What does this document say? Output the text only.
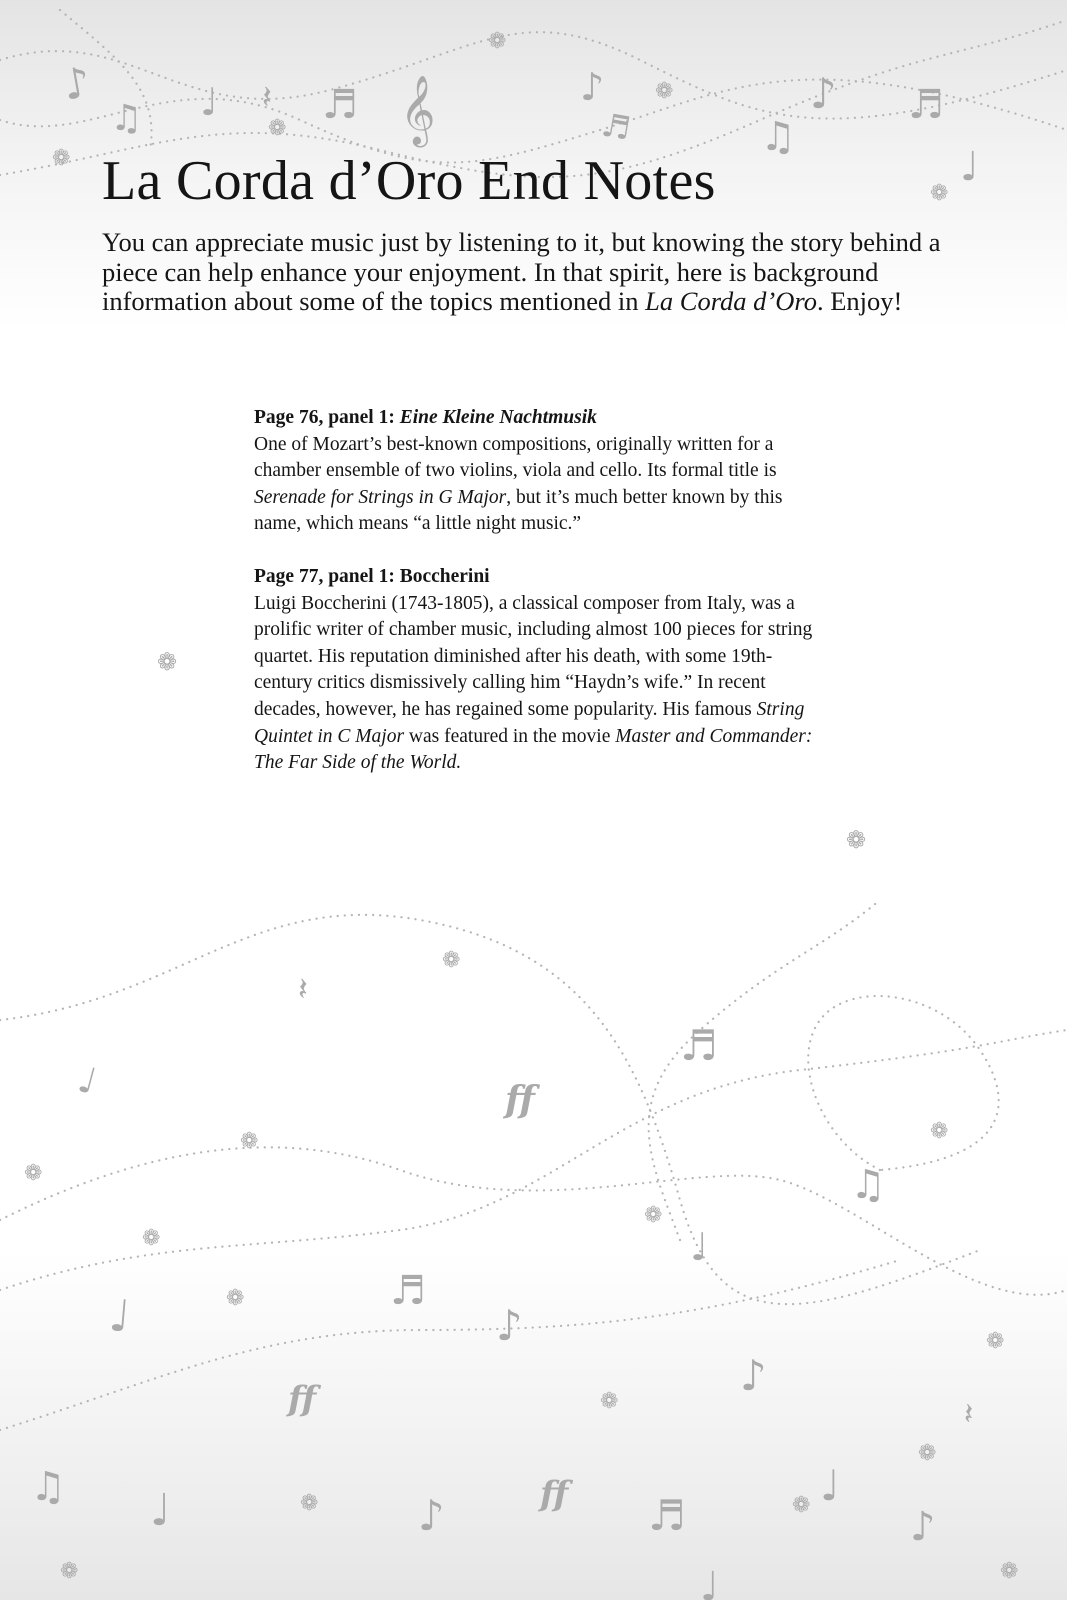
♪
♫ ♩ 𝄽 ♬ 𝄞	♪
♬	♫
♪ ♬
♩
❁
❁
❁
❁
❁
❁
❁
❁
❁
❁
❁
❁
❁
❁
❁
❁
❁
❁	❁
❁	❁
𝄽
♩
♬
♫
♩
♬
♪
♩
♪
𝄽
♫ ♩	♪	♬
♩
♩
♪
ff
ff
ff
La Corda d’Oro End Notes

You can appreciate music just by listening to it, but knowing the story behind a piece can help enhance your enjoyment. In that spirit, here is background information about some of the topics mentioned in La Corda d’Oro. Enjoy!

Page 76, panel 1: Eine Kleine Nachtmusik

One of Mozart’s best-known compositions, originally written for a chamber ensemble of two violins, viola and cello. Its formal title is Serenade for Strings in G Major, but it’s much better known by this name, which means “a little night music.”

Page 77, panel 1: Boccherini

Luigi Boccherini (1743-1805), a classical composer from Italy, was a prolific writer of chamber music, including almost 100 pieces for string quartet. His reputation diminished after his death, with some 19th-century critics dismissively calling him “Haydn’s wife.” In recent decades, however, he has regained some popularity. His famous String Quintet in C Major was featured in the movie Master and Commander: The Far Side of the World.
